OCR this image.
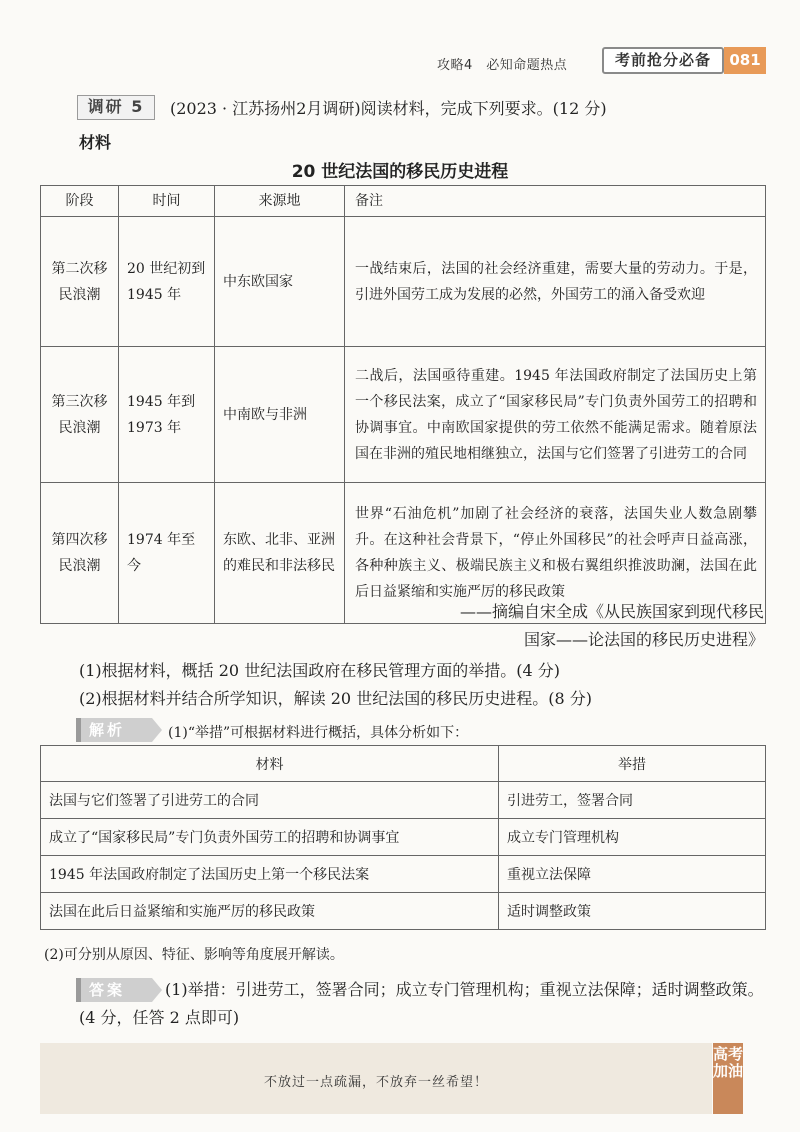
攻略4　必知命题热点	考前抢分必备	081
调研 5	(2023 · 江苏扬州2月调研)阅读材料，完成下列要求。(12 分)
材料
20 世纪法国的移民历史进程
阶段	时间	来源地	备注
第二次移民浪潮	20 世纪初到1945 年	中东欧国家	一战结束后，法国的社会经济重建，需要大量的劳动力。于是，引进外国劳工成为发展的必然，外国劳工的涌入备受欢迎
第三次移民浪潮	1945 年到1973 年	中南欧与非洲	二战后，法国亟待重建。1945 年法国政府制定了法国历史上第一个移民法案，成立了“国家移民局”专门负责外国劳工的招聘和协调事宜。中南欧国家提供的劳工依然不能满足需求。随着原法国在非洲的殖民地相继独立，法国与它们签署了引进劳工的合同
第四次移民浪潮	1974 年至今	东欧、北非、亚洲的难民和非法移民	世界“石油危机”加剧了社会经济的衰落，法国失业人数急剧攀升。在这种社会背景下，“停止外国移民”的社会呼声日益高涨，各种种族主义、极端民族主义和极右翼组织推波助澜，法国在此后日益紧缩和实施严厉的移民政策
——摘编自宋全成《从民族国家到现代移民
国家——论法国的移民历史进程》
(1)根据材料，概括 20 世纪法国政府在移民管理方面的举措。(4 分)
(2)根据材料并结合所学知识，解读 20 世纪法国的移民历史进程。(8 分)
解析	(1)“举措”可根据材料进行概括，具体分析如下：
材料	举措
法国与它们签署了引进劳工的合同	引进劳工，签署合同
成立了“国家移民局”专门负责外国劳工的招聘和协调事宜	成立专门管理机构
1945 年法国政府制定了法国历史上第一个移民法案	重视立法保障
法国在此后日益紧缩和实施严厉的移民政策	适时调整政策
(2)可分别从原因、特征、影响等角度展开解读。
答案	(1)举措：引进劳工，签署合同；成立专门管理机构；重视立法保障；适时调整政策。(4 分，任答 2 点即可)
不放过一点疏漏，不放弃一丝希望！
高考加油
